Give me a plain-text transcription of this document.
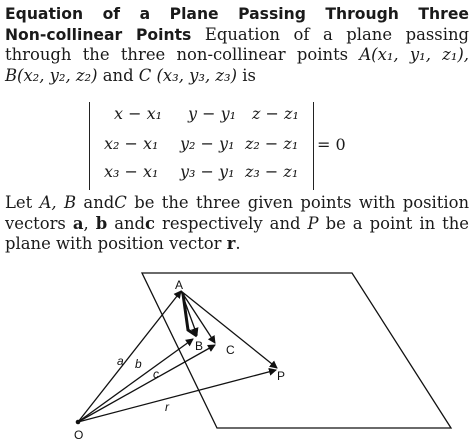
Equation of a Plane Passing Through Three
Non-collinear Points Equation of a plane passing through the three non-collinear points A(x₁, y₁, z₁), B(x₂, y₂, z₂) and C (x₃, y₃, z₃) is
x − x₁ y − y₁ z − z₁
x₂ − x₁ y₂ − y₁ z₂ − z₁
x₃ − x₁ y₃ − y₁ z₃ − z₁
= 0
Let A, B andC be the three given points with position vectors a, b andc respectively and P be a point in the plane with position vector r.
A
B C
P
O
a b
c
r
